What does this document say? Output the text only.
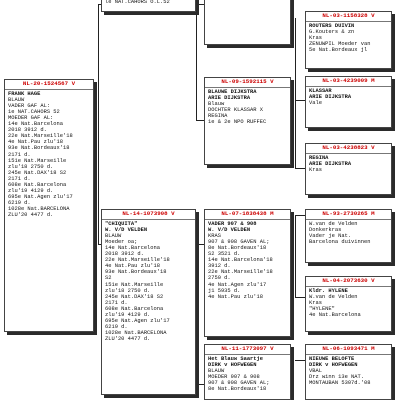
le NAT.CAHORS O.L.52
NL-20-1524567 V
FRANK HAGE
BLAUW
VADER GAF AL:
1e NAT.CAHORS 52
MOEDER GAF AL:
14e Nat.Barcelona
2018 3912 d.
22e Nat.Marseille'18
4e Nat.Pau zlu'18
93e Nat.Bordeaux'18
2171 d.
151e Nat.Marseille
zlu'18 2750 d.
245e Nat.DAX'18 S2
2171 d.
608e Nat.Barcelona
zlu'19 4129 d.
695e Nat.Agen zlu'17
6219 d.
1028e Nat.BARCELONA
ZLU'20 4477 d.
NL-03-1158328 V
ROUTERS DUIVIN
G.Kouters & zn
Kras
ZENUWPIL Moeder van
5e Nat.Bordeaux jl
NL-09-1592115 V
BLAUWE DIJKSTRA
ARIE DIJKSTRA
Blauw
DOCHTER KLASSAR X
REGINA
1e & 2e NPO RUFFEC
NL-03-4239009 M
KLASSAR
ARIE DIJKSTRA
Vale
NL-03-4238823 V
REGINA
ARIE DIJKSTRA
Kras
NL-14-1073908 V
"CHIQUITA"
W. V/D VELDEN
BLAUW
Moeder oa;
14e Nat.Barcelona
2018 3912 d.
22e Nat.Marseille'18
4e Nat.Pau zlu'18
93e Nat.Bordeaux'18
S2
151e Nat.Marseille
zlu'18 2750 d.
245e Nat.DAX'18 S2
2171 d.
608e Nat.Barcelona
zlu'19 4129 d.
695e Nat.Agen zlu'17
6219 d.
1028e Nat.BARCELONA
ZLU'20 4477 d.
NL-07-1838438 M
VADER 907 & 908
W. V/D VELDEN
KRAS
907 & 908 GAVEN AL;
8e Nat.Bordeaux'18
S2 3521 d.
14e Nat.Barcelona'18
3912 d.
22e Nat.Marseille'18
2750 d.
4e Nat.Agen zlu'17
j1 5935 d.
4e Nat.Pau zlu'18
NL-93-2730265 M
W.van de Velden
Donkerkras
Vader je Nat.
Barcelona duivinnen
NL-04-2073630 V
Kldr. HYLENE
W.van de Velden
Kras
"HYLENE"
4e Nat.Barcelona
NL-11-1773097 V
Het Blauw Saartje
DIRK v HOFWEGEN
BLAUW
MOEDER 907 & 908
907 & 908 GAVEN AL;
8e Nat.Bordeaux'18
NL-06-1093471 M
NIEUWE BELOFTE
DIRK v HOFWEGEN
VBAL
Drz winn 13e NAT.
MONTAUBAN 5307d.'08
